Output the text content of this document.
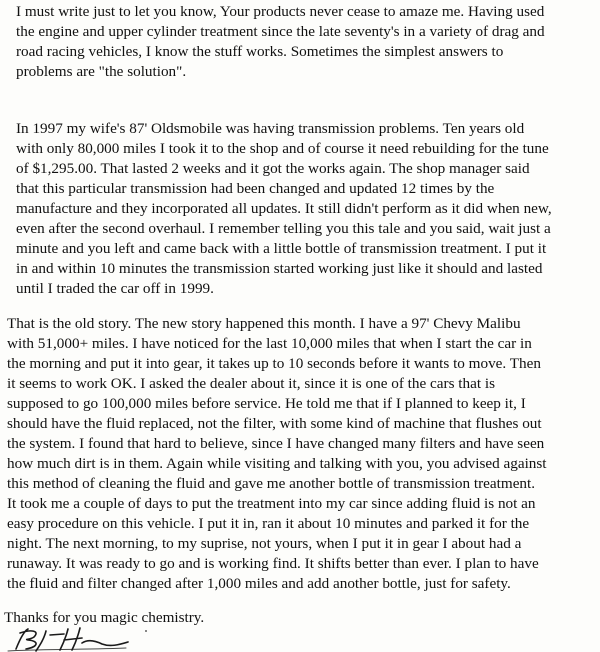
I must write just to let you know, Your products never cease to amaze me. Having used
the engine and upper cylinder treatment since the late seventy's in a variety of drag and
road racing vehicles, I know the stuff works. Sometimes the simplest answers to
problems are "the solution".
In 1997 my wife's 87' Oldsmobile was having transmission problems. Ten years old
with only 80,000 miles I took it to the shop and of course it need rebuilding for the tune
of $1,295.00. That lasted 2 weeks and it got the works again. The shop manager said
that this particular transmission had been changed and updated 12 times by the
manufacture and they incorporated all updates. It still didn't perform as it did when new,
even after the second overhaul. I remember telling you this tale and you said, wait just a
minute and you left and came back with a little bottle of transmission treatment. I put it
in and within 10 minutes the transmission started working just like it should and lasted
until I traded the car off in 1999.
That is the old story. The new story happened this month. I have a 97' Chevy Malibu
with 51,000+ miles. I have noticed for the last 10,000 miles that when I start the car in
the morning and put it into gear, it takes up to 10 seconds before it wants to move. Then
it seems to work OK. I asked the dealer about it, since it is one of the cars that is
supposed to go 100,000 miles before service. He told me that if I planned to keep it, I
should have the fluid replaced, not the filter, with some kind of machine that flushes out
the system. I found that hard to believe, since I have changed many filters and have seen
how much dirt is in them. Again while visiting and talking with you, you advised against
this method of cleaning the fluid and gave me another bottle of transmission treatment.
It took me a couple of days to put the treatment into my car since adding fluid is not an
easy procedure on this vehicle. I put it in, ran it about 10 minutes and parked it for the
night. The next morning, to my suprise, not yours, when I put it in gear I about had a
runaway. It was ready to go and is working find. It shifts better than ever. I plan to have
the fluid and filter changed after 1,000 miles and add another bottle, just for safety.
Thanks for you magic chemistry.
